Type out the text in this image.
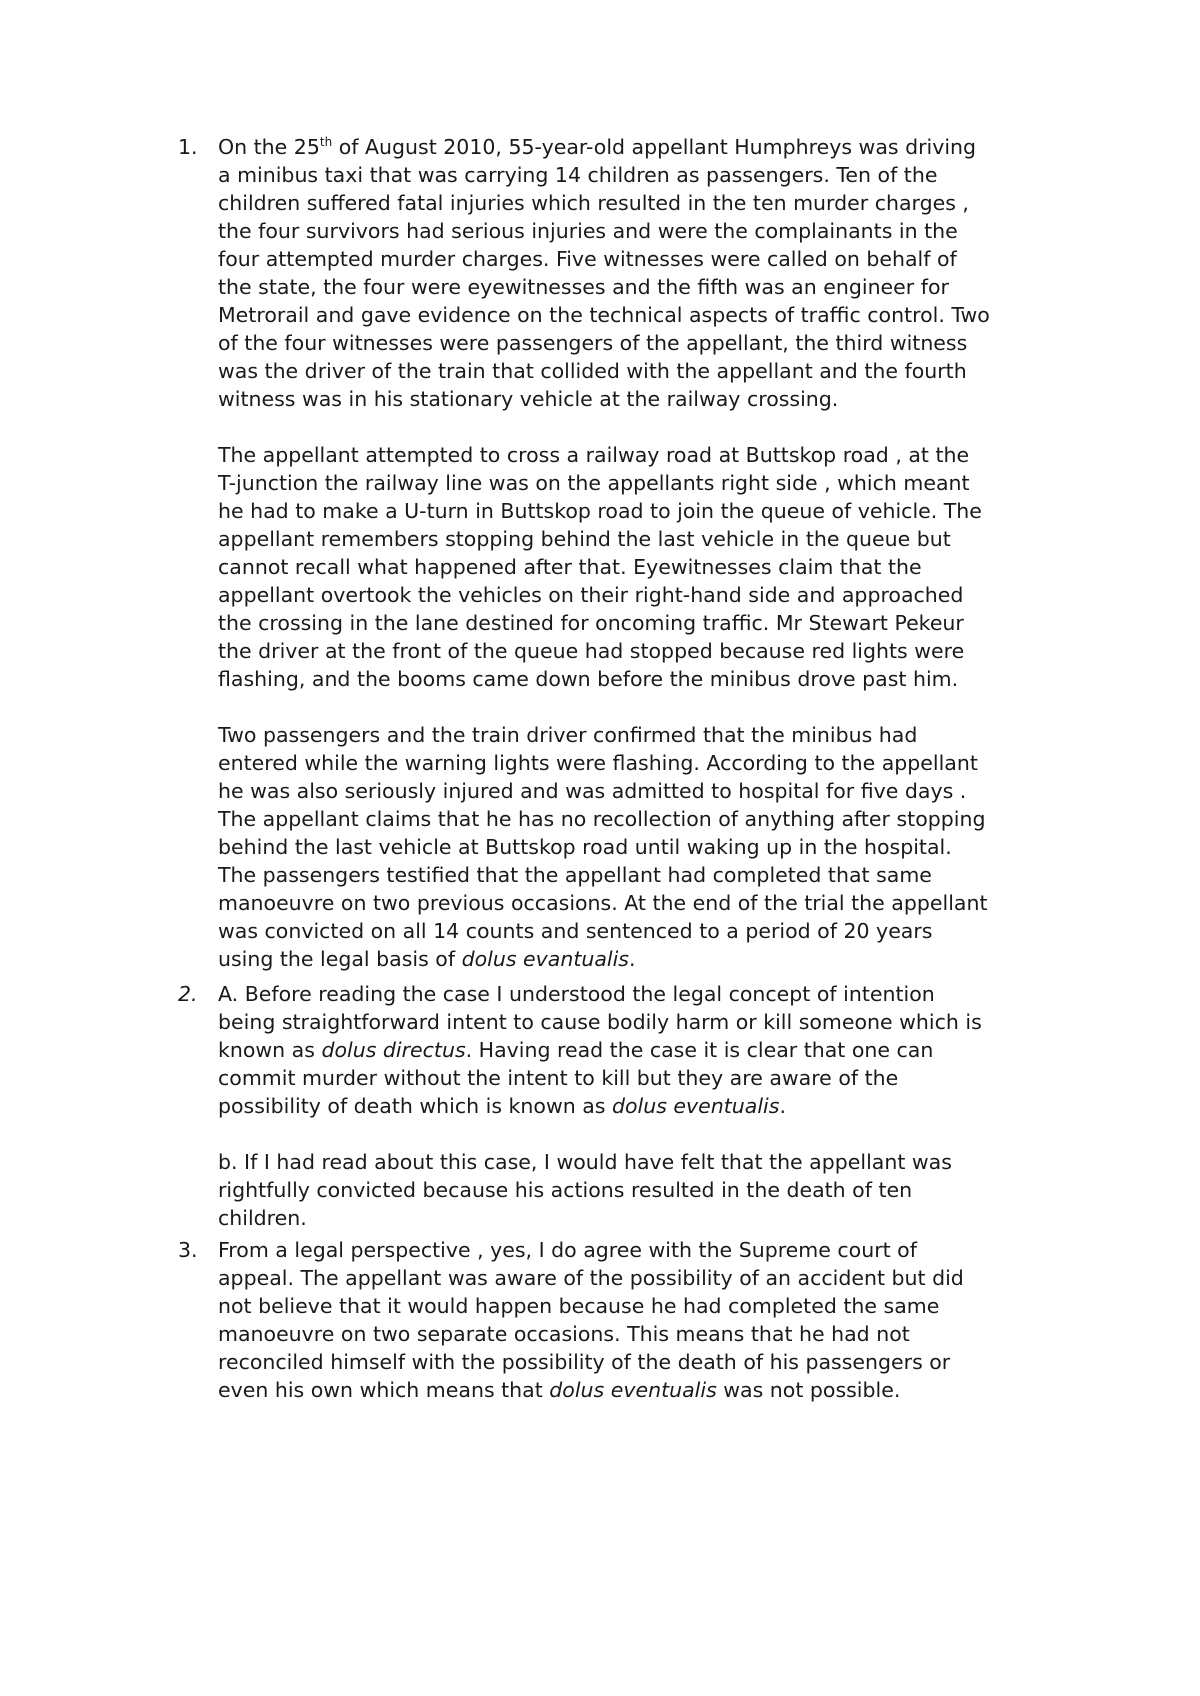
1. On the 25th of August 2010, 55-year-old appellant Humphreys was driving
a minibus taxi that was carrying 14 children as passengers. Ten of the
children suffered fatal injuries which resulted in the ten murder charges ,
the four survivors had serious injuries and were the complainants in the
four attempted murder charges. Five witnesses were called on behalf of
the state, the four were eyewitnesses and the fifth was an engineer for
Metrorail and gave evidence on the technical aspects of traffic control. Two
of the four witnesses were passengers of the appellant, the third witness
was the driver of the train that collided with the appellant and the fourth
witness was in his stationary vehicle at the railway crossing.

The appellant attempted to cross a railway road at Buttskop road , at the
T-junction the railway line was on the appellants right side , which meant
he had to make a U-turn in Buttskop road to join the queue of vehicle. The
appellant remembers stopping behind the last vehicle in the queue but
cannot recall what happened after that. Eyewitnesses claim that the
appellant overtook the vehicles on their right-hand side and approached
the crossing in the lane destined for oncoming traffic. Mr Stewart Pekeur
the driver at the front of the queue had stopped because red lights were
flashing, and the booms came down before the minibus drove past him.

Two passengers and the train driver confirmed that the minibus had
entered while the warning lights were flashing. According to the appellant
he was also seriously injured and was admitted to hospital for five days .
The appellant claims that he has no recollection of anything after stopping
behind the last vehicle at Buttskop road until waking up in the hospital.
The passengers testified that the appellant had completed that same
manoeuvre on two previous occasions. At the end of the trial the appellant
was convicted on all 14 counts and sentenced to a period of 20 years
using the legal basis of dolus evantualis.

2. A. Before reading the case I understood the legal concept of intention
being straightforward intent to cause bodily harm or kill someone which is
known as dolus directus. Having read the case it is clear that one can
commit murder without the intent to kill but they are aware of the
possibility of death which is known as dolus eventualis.

b. If I had read about this case, I would have felt that the appellant was
rightfully convicted because his actions resulted in the death of ten
children.

3. From a legal perspective , yes, I do agree with the Supreme court of
appeal. The appellant was aware of the possibility of an accident but did
not believe that it would happen because he had completed the same
manoeuvre on two separate occasions. This means that he had not
reconciled himself with the possibility of the death of his passengers or
even his own which means that dolus eventualis was not possible.
